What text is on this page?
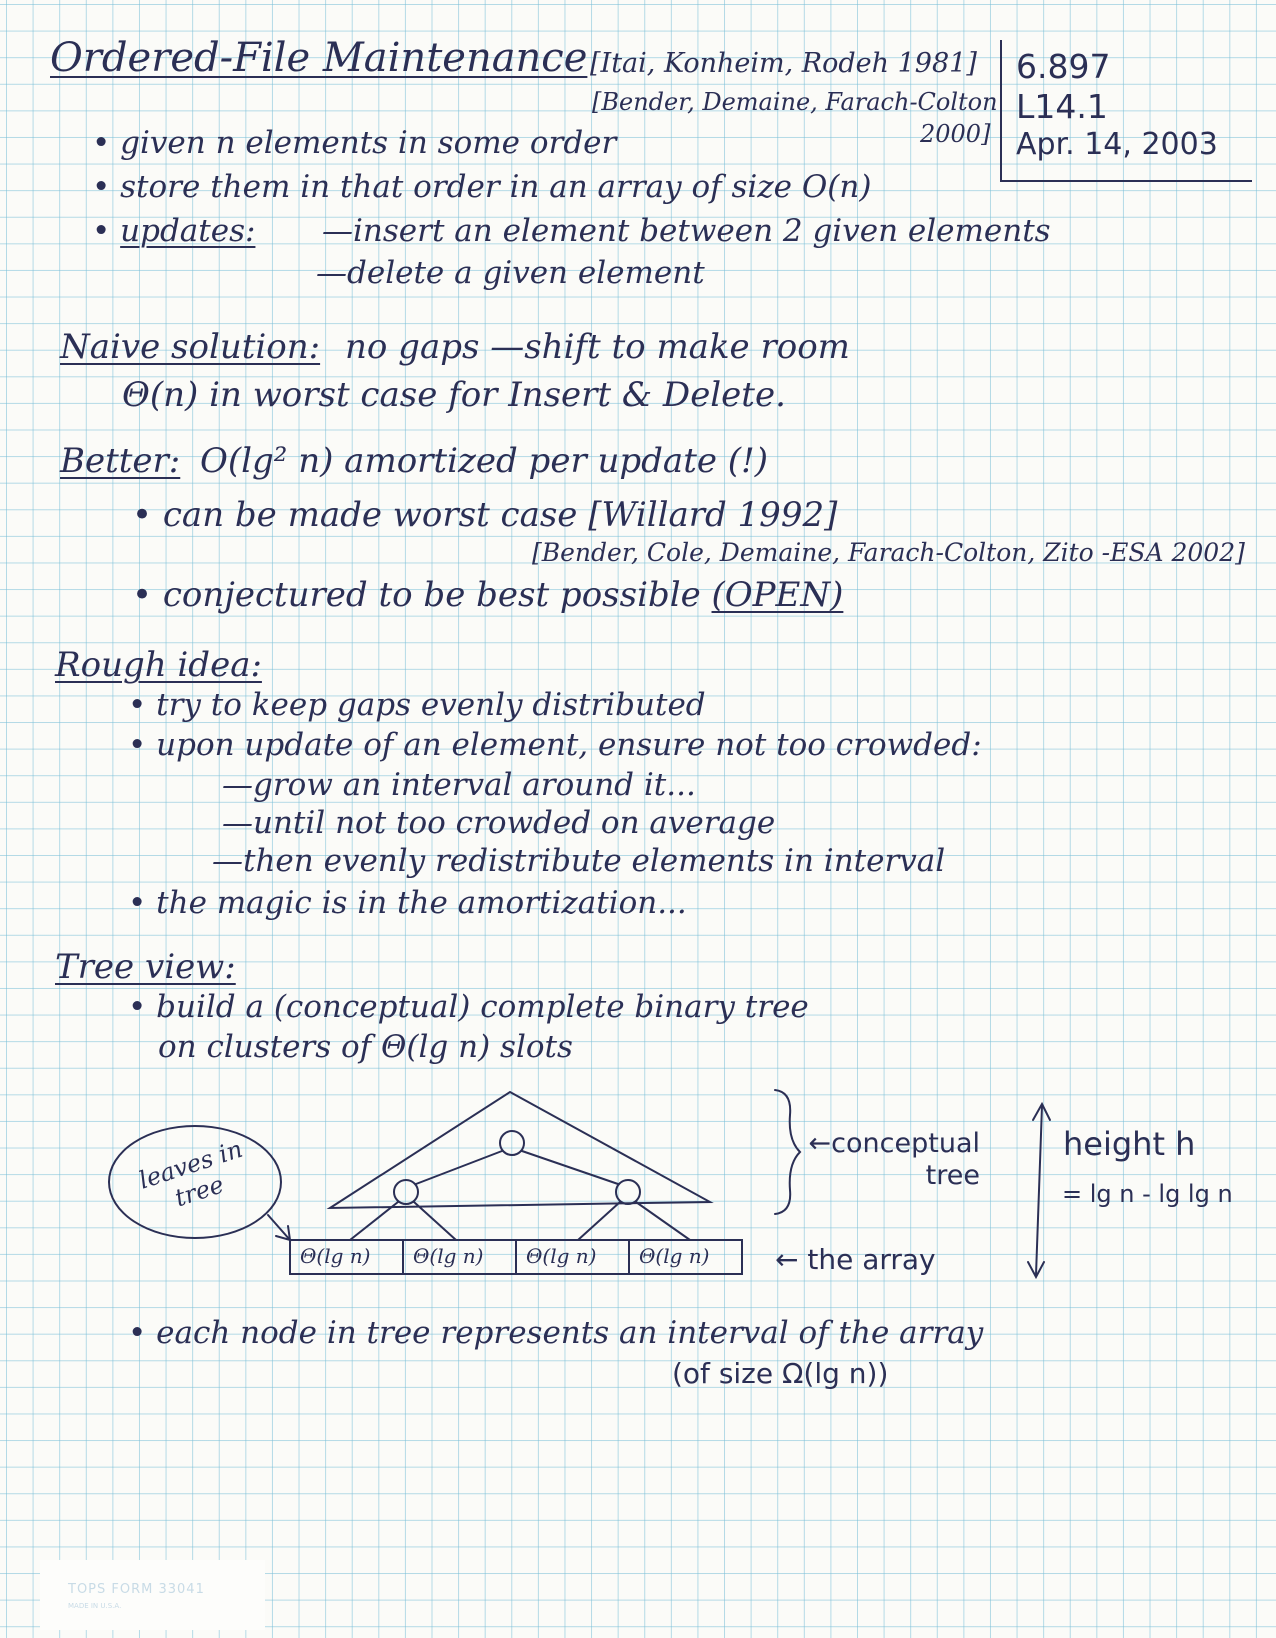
Ordered-File Maintenance [Itai, Konheim, Rodeh 1981]
[Bender, Demaine, Farach-Colton
2000]
6.897
L14.1
Apr. 14, 2003
• given n elements in some order
• store them in that order in an array of size O(n)
• updates: —insert an element between 2 given elements
—delete a given element
Naive solution: no gaps —shift to make room
Θ(n) in worst case for Insert & Delete.
Better: O(lg² n) amortized per update (!)
• can be made worst case [Willard 1992]
[Bender, Cole, Demaine, Farach-Colton, Zito -ESA 2002]
• conjectured to be best possible (OPEN)
Rough idea:
• try to keep gaps evenly distributed
• upon update of an element, ensure not too crowded:
—grow an interval around it...
—until not too crowded on average
—then evenly redistribute elements in interval
• the magic is in the amortization...
Tree view:
• build a (conceptual) complete binary tree
on clusters of Θ(lg n) slots
leaves in tree
Θ(lg n) Θ(lg n) Θ(lg n) Θ(lg n)
←conceptual tree
← the array
height h
= lg n - lg lg n
• each node in tree represents an interval of the array
(of size Ω(lg n))
TOPS FORM 33041
MADE IN U.S.A.
